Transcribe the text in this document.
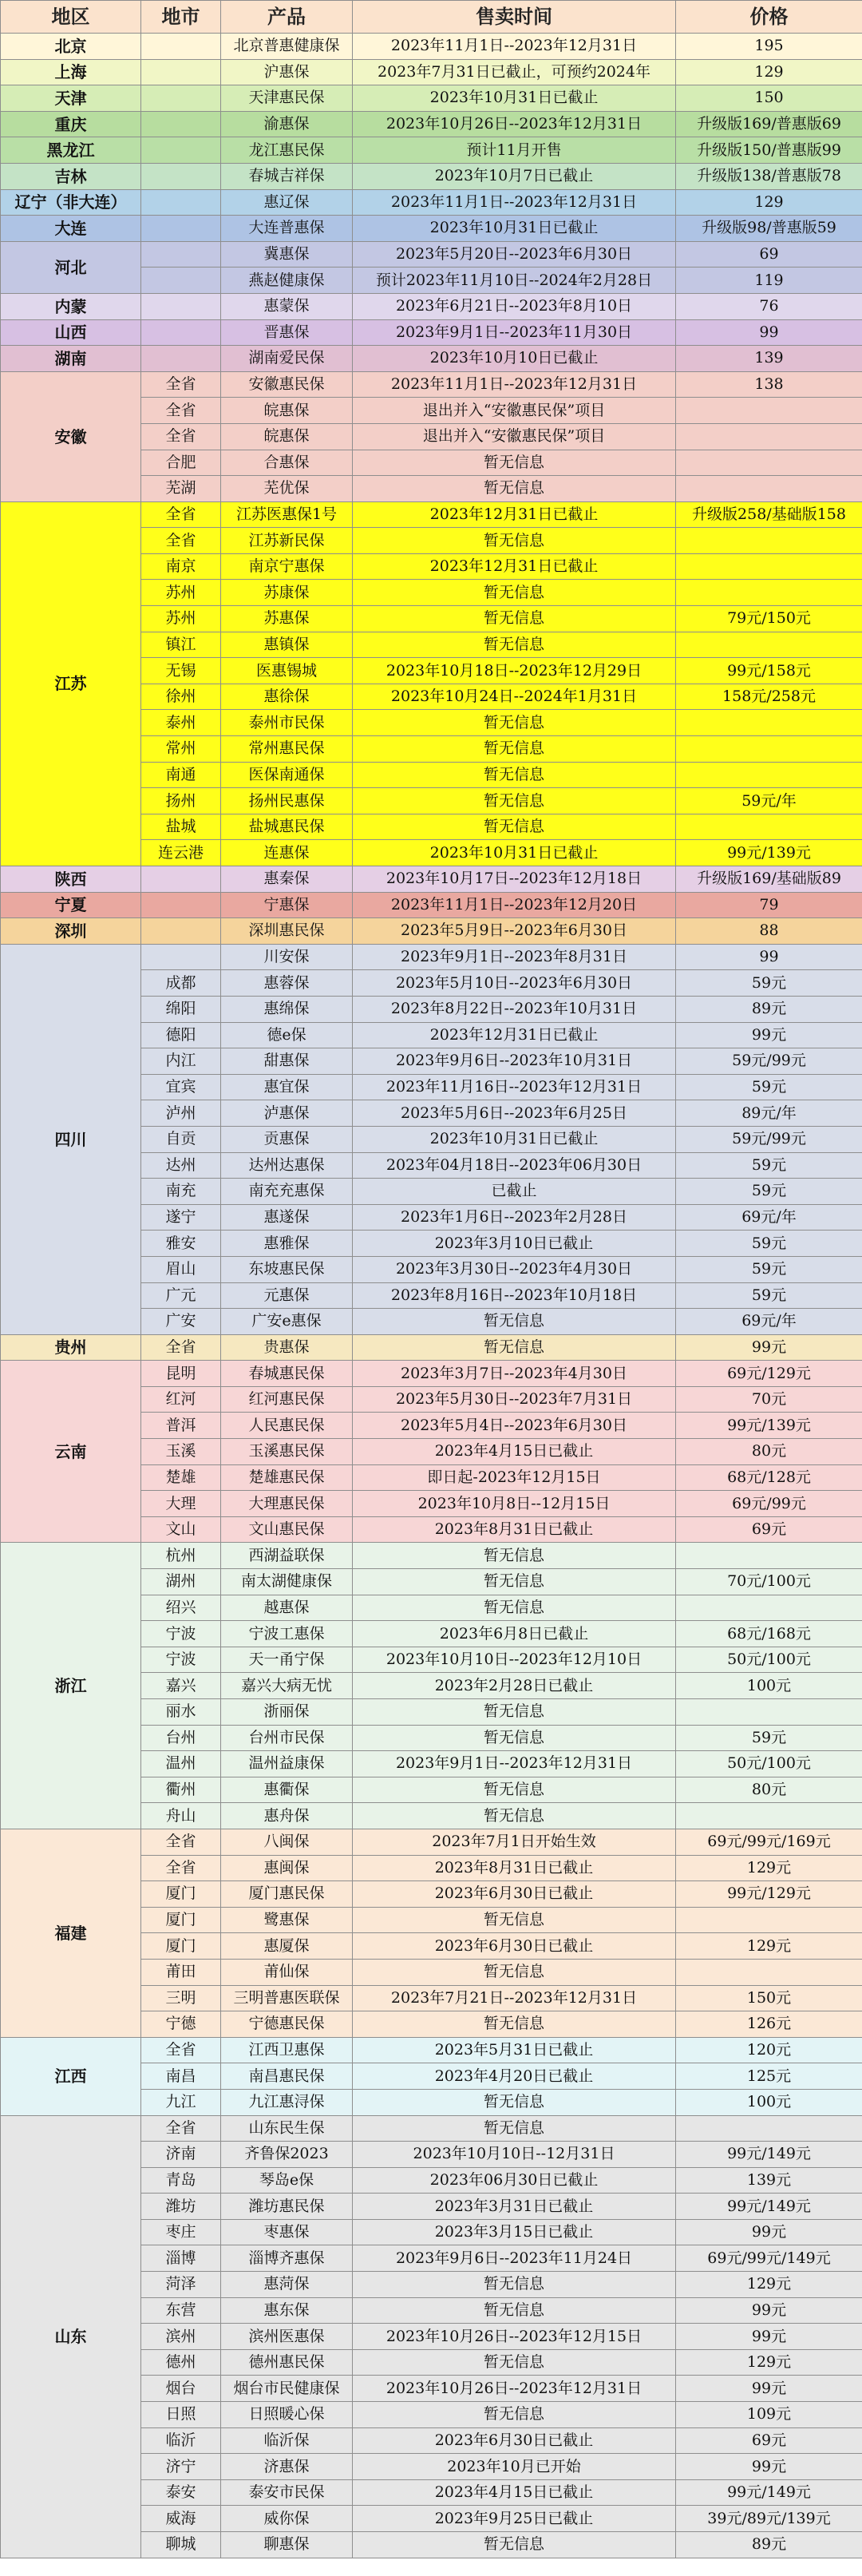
地区	地市	产品	售卖时间	价格
北京		北京普惠健康保	2023年11月1日--2023年12月31日	195
上海		沪惠保	2023年7月31日已截止，可预约2024年	129
天津		天津惠民保	2023年10月31日已截止	150
重庆		渝惠保	2023年10月26日--2023年12月31日	升级版169/普惠版69
黑龙江		龙江惠民保	预计11月开售	升级版150/普惠版99
吉林		春城吉祥保	2023年10月7日已截止	升级版138/普惠版78
辽宁（非大连）		惠辽保	2023年11月1日--2023年12月31日	129
大连		大连普惠保	2023年10月31日已截止	升级版98/普惠版59
河北		冀惠保	2023年5月20日--2023年6月30日	69
		燕赵健康保	预计2023年11月10日--2024年2月28日	119
内蒙		惠蒙保	2023年6月21日--2023年8月10日	76
山西		晋惠保	2023年9月1日--2023年11月30日	99
湖南		湖南爱民保	2023年10月10日已截止	139
安徽	全省	安徽惠民保	2023年11月1日--2023年12月31日	138
	全省	皖惠保	退出并入“安徽惠民保”项目	
	全省	皖惠保	退出并入“安徽惠民保”项目	
	合肥	合惠保	暂无信息	
	芜湖	芜优保	暂无信息	
江苏	全省	江苏医惠保1号	2023年12月31日已截止	升级版258/基础版158
	全省	江苏新民保	暂无信息	
	南京	南京宁惠保	2023年12月31日已截止	
	苏州	苏康保	暂无信息	
	苏州	苏惠保	暂无信息	79元/150元
	镇江	惠镇保	暂无信息	
	无锡	医惠锡城	2023年10月18日--2023年12月29日	99元/158元
	徐州	惠徐保	2023年10月24日--2024年1月31日	158元/258元
	泰州	泰州市民保	暂无信息	
	常州	常州惠民保	暂无信息	
	南通	医保南通保	暂无信息	
	扬州	扬州民惠保	暂无信息	59元/年
	盐城	盐城惠民保	暂无信息	
	连云港	连惠保	2023年10月31日已截止	99元/139元
陕西		惠秦保	2023年10月17日--2023年12月18日	升级版169/基础版89
宁夏		宁惠保	2023年11月1日--2023年12月20日	79
深圳		深圳惠民保	2023年5月9日--2023年6月30日	88
四川		川安保	2023年9月1日--2023年8月31日	99
	成都	惠蓉保	2023年5月10日--2023年6月30日	59元
	绵阳	惠绵保	2023年8月22日--2023年10月31日	89元
	德阳	德e保	2023年12月31日已截止	99元
	内江	甜惠保	2023年9月6日--2023年10月31日	59元/99元
	宜宾	惠宜保	2023年11月16日--2023年12月31日	59元
	泸州	泸惠保	2023年5月6日--2023年6月25日	89元/年
	自贡	贡惠保	2023年10月31日已截止	59元/99元
	达州	达州达惠保	2023年04月18日--2023年06月30日	59元
	南充	南充充惠保	已截止	59元
	遂宁	惠遂保	2023年1月6日--2023年2月28日	69元/年
	雅安	惠雅保	2023年3月10日已截止	59元
	眉山	东坡惠民保	2023年3月30日--2023年4月30日	59元
	广元	元惠保	2023年8月16日--2023年10月18日	59元
	广安	广安e惠保	暂无信息	69元/年
贵州	全省	贵惠保	暂无信息	99元
云南	昆明	春城惠民保	2023年3月7日--2023年4月30日	69元/129元
	红河	红河惠民保	2023年5月30日--2023年7月31日	70元
	普洱	人民惠民保	2023年5月4日--2023年6月30日	99元/139元
	玉溪	玉溪惠民保	2023年4月15日已截止	80元
	楚雄	楚雄惠民保	即日起-2023年12月15日	68元/128元
	大理	大理惠民保	2023年10月8日--12月15日	69元/99元
	文山	文山惠民保	2023年8月31日已截止	69元
浙江	杭州	西湖益联保	暂无信息	
	湖州	南太湖健康保	暂无信息	70元/100元
	绍兴	越惠保	暂无信息	
	宁波	宁波工惠保	2023年6月8日已截止	68元/168元
	宁波	天一甬宁保	2023年10月10日--2023年12月10日	50元/100元
	嘉兴	嘉兴大病无忧	2023年2月28日已截止	100元
	丽水	浙丽保	暂无信息	
	台州	台州市民保	暂无信息	59元
	温州	温州益康保	2023年9月1日--2023年12月31日	50元/100元
	衢州	惠衢保	暂无信息	80元
	舟山	惠舟保	暂无信息	
福建	全省	八闽保	2023年7月1日开始生效	69元/99元/169元
	全省	惠闽保	2023年8月31日已截止	129元
	厦门	厦门惠民保	2023年6月30日已截止	99元/129元
	厦门	鹭惠保	暂无信息	
	厦门	惠厦保	2023年6月30日已截止	129元
	莆田	莆仙保	暂无信息	
	三明	三明普惠医联保	2023年7月21日--2023年12月31日	150元
	宁德	宁德惠民保	暂无信息	126元
江西	全省	江西卫惠保	2023年5月31日已截止	120元
	南昌	南昌惠民保	2023年4月20日已截止	125元
	九江	九江惠浔保	暂无信息	100元
山东	全省	山东民生保	暂无信息	
	济南	齐鲁保2023	2023年10月10日--12月31日	99元/149元
	青岛	琴岛e保	2023年06月30日已截止	139元
	潍坊	潍坊惠民保	2023年3月31日已截止	99元/149元
	枣庄	枣惠保	2023年3月15日已截止	99元
	淄博	淄博齐惠保	2023年9月6日--2023年11月24日	69元/99元/149元
	菏泽	惠菏保	暂无信息	129元
	东营	惠东保	暂无信息	99元
	滨州	滨州医惠保	2023年10月26日--2023年12月15日	99元
	德州	德州惠民保	暂无信息	129元
	烟台	烟台市民健康保	2023年10月26日--2023年12月31日	99元
	日照	日照暖心保	暂无信息	109元
	临沂	临沂保	2023年6月30日已截止	69元
	济宁	济惠保	2023年10月已开始	99元
	泰安	泰安市民保	2023年4月15日已截止	99元/149元
	威海	威你保	2023年9月25日已截止	39元/89元/139元
	聊城	聊惠保	暂无信息	89元
